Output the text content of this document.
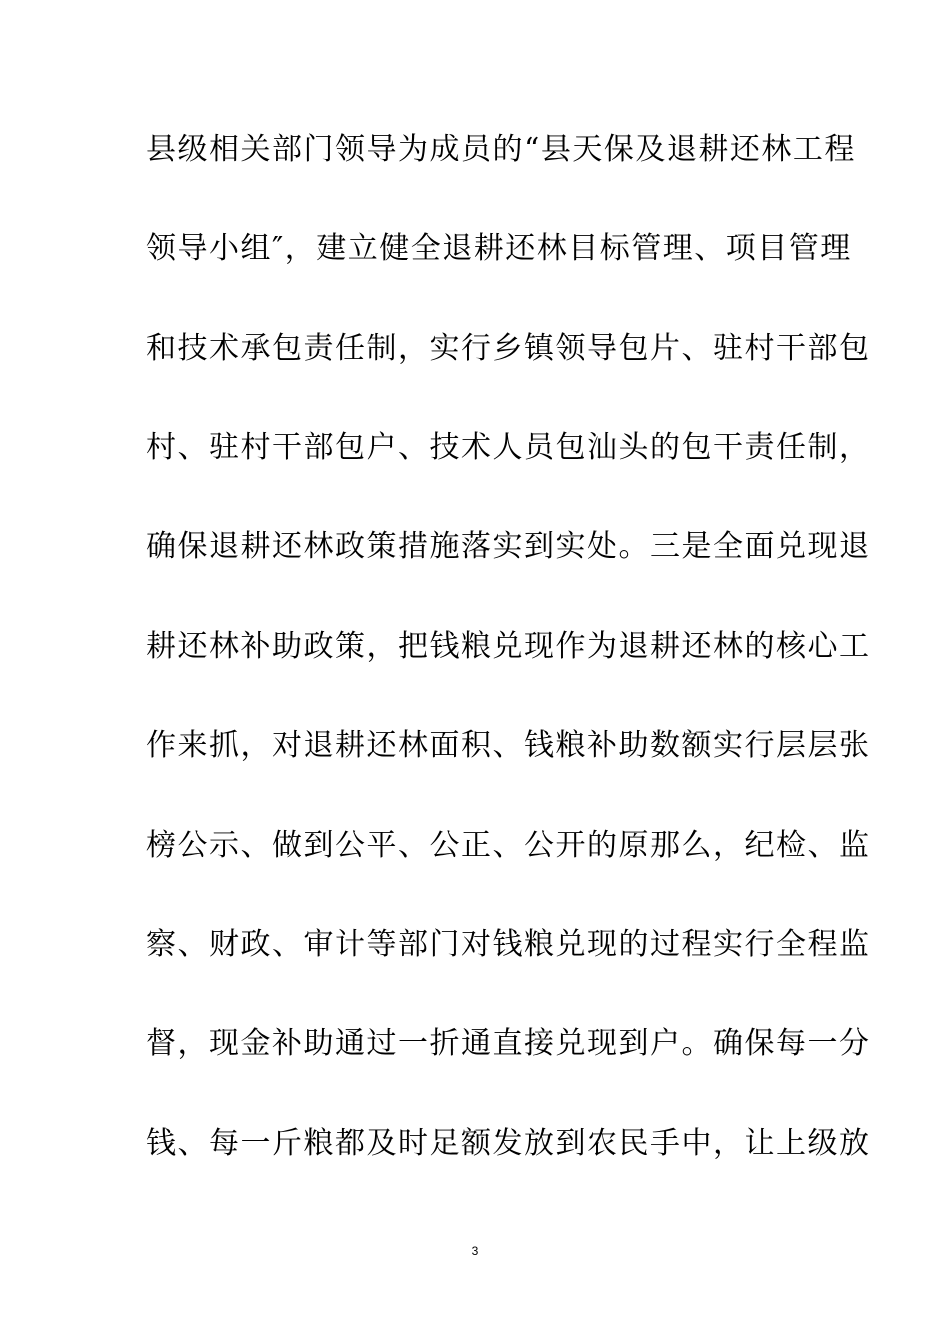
县级相关部门领导为成员的“县天保及退耕还林工程

领导小组″，建立健全退耕还林目标管理、项目管理

和技术承包责任制，实行乡镇领导包片、驻村干部包

村、驻村干部包户、技术人员包汕头的包干责任制，

确保退耕还林政策措施落实到实处。三是全面兑现退

耕还林补助政策，把钱粮兑现作为退耕还林的核心工

作来抓，对退耕还林面积、钱粮补助数额实行层层张

榜公示、做到公平、公正、公开的原那么，纪检、监

察、财政、审计等部门对钱粮兑现的过程实行全程监

督，现金补助通过一折通直接兑现到户。确保每一分

钱、每一斤粮都及时足额发放到农民手中，让上级放

3
